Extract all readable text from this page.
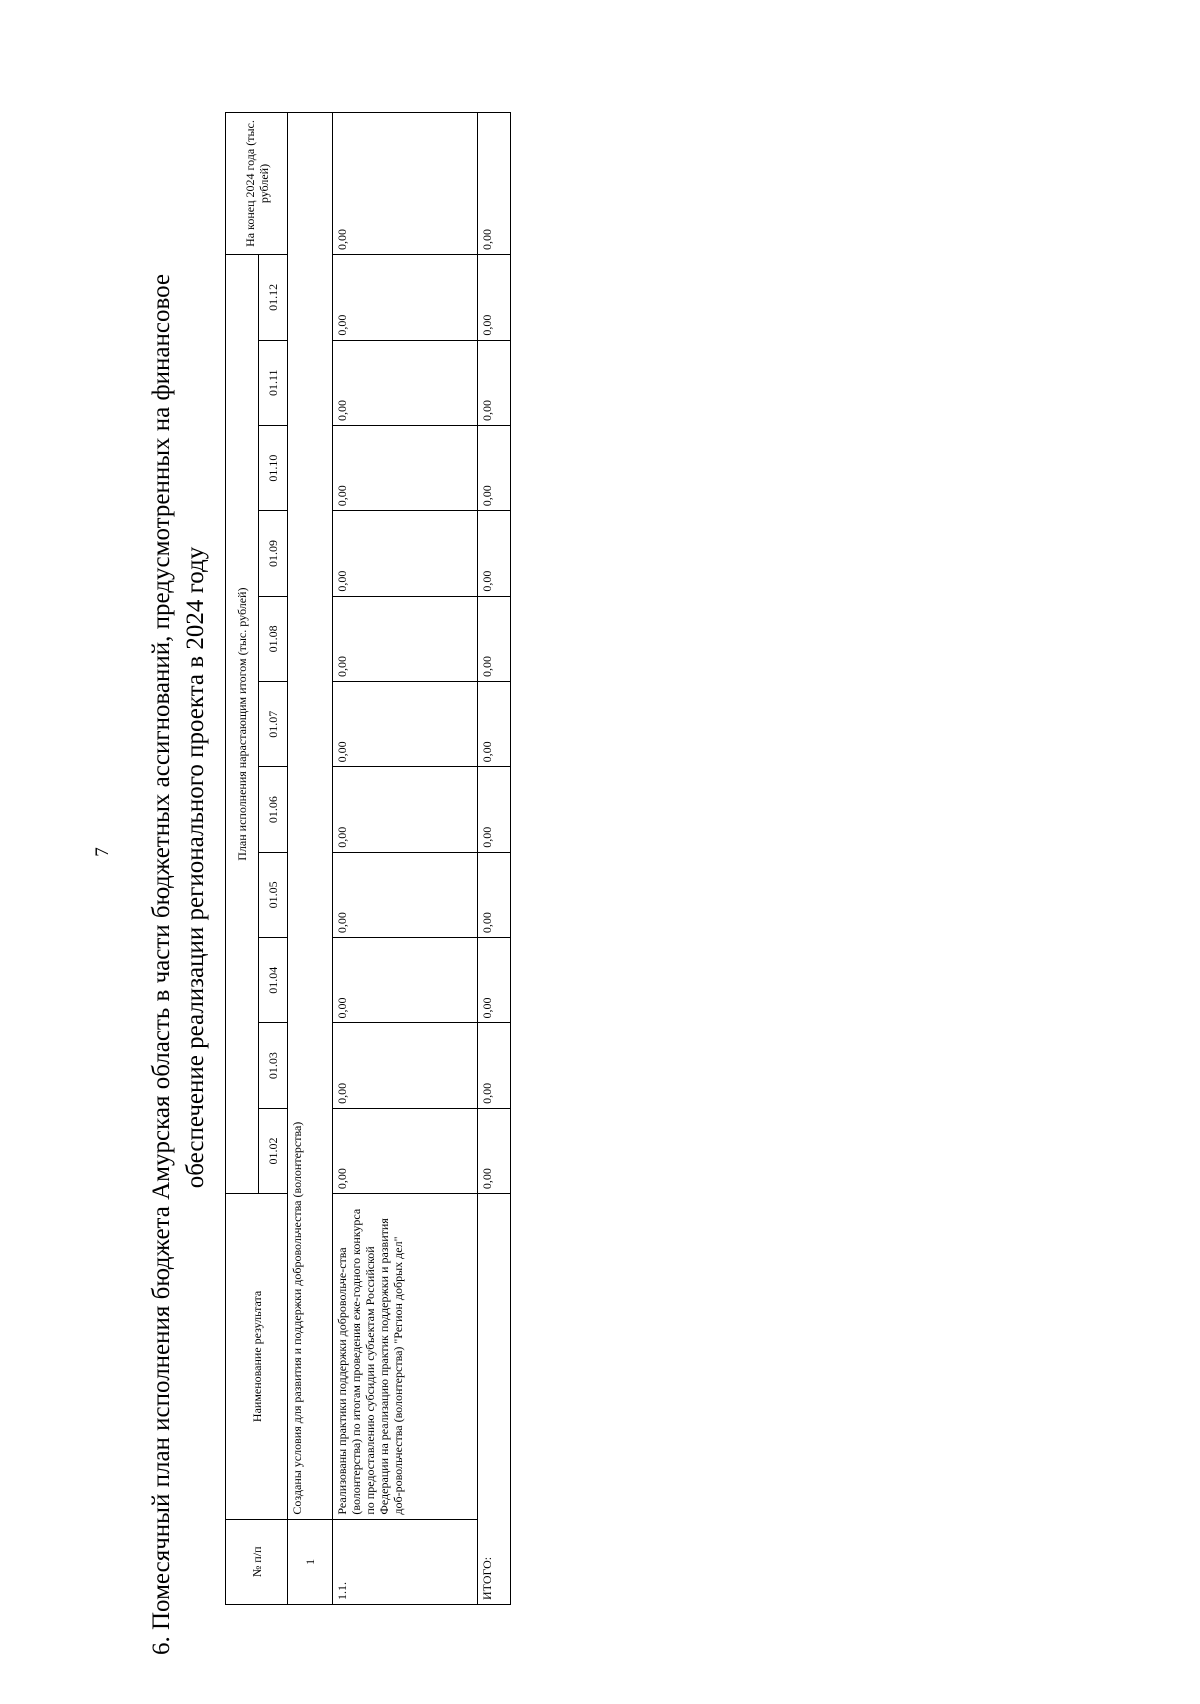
7 6. Помесячный план исполнения бюджета Амурская область в части бюджетных ассигнований, предусмотренных на финансовое обеспечение реализации регионального проекта в 2024 году
№ п/п	Наименование результата	План исполнения нарастающим итогом (тыс. рублей)											На конец 2024 года (тыс. рублей)
		01.02	01.03	01.04	01.05	01.06	01.07	01.08	01.09	01.10	01.11	01.12	
1	Созданы условия для развития и поддержки добровольчества (волонтерства)												
1.1.	Реализованы практики поддержки добровольче-ства (волонтерства) по итогам проведения еже-годного конкурса по предоставлению субсидии субъектам Российской Федерации на реализацию практик поддержки и развития доб-ровольчества (волонтерства) "Регион добрых дел"	0,00	0,00	0,00	0,00	0,00	0,00	0,00	0,00	0,00	0,00	0,00	0,00
ИТОГО:		0,00	0,00	0,00	0,00	0,00	0,00	0,00	0,00	0,00	0,00	0,00	0,00
